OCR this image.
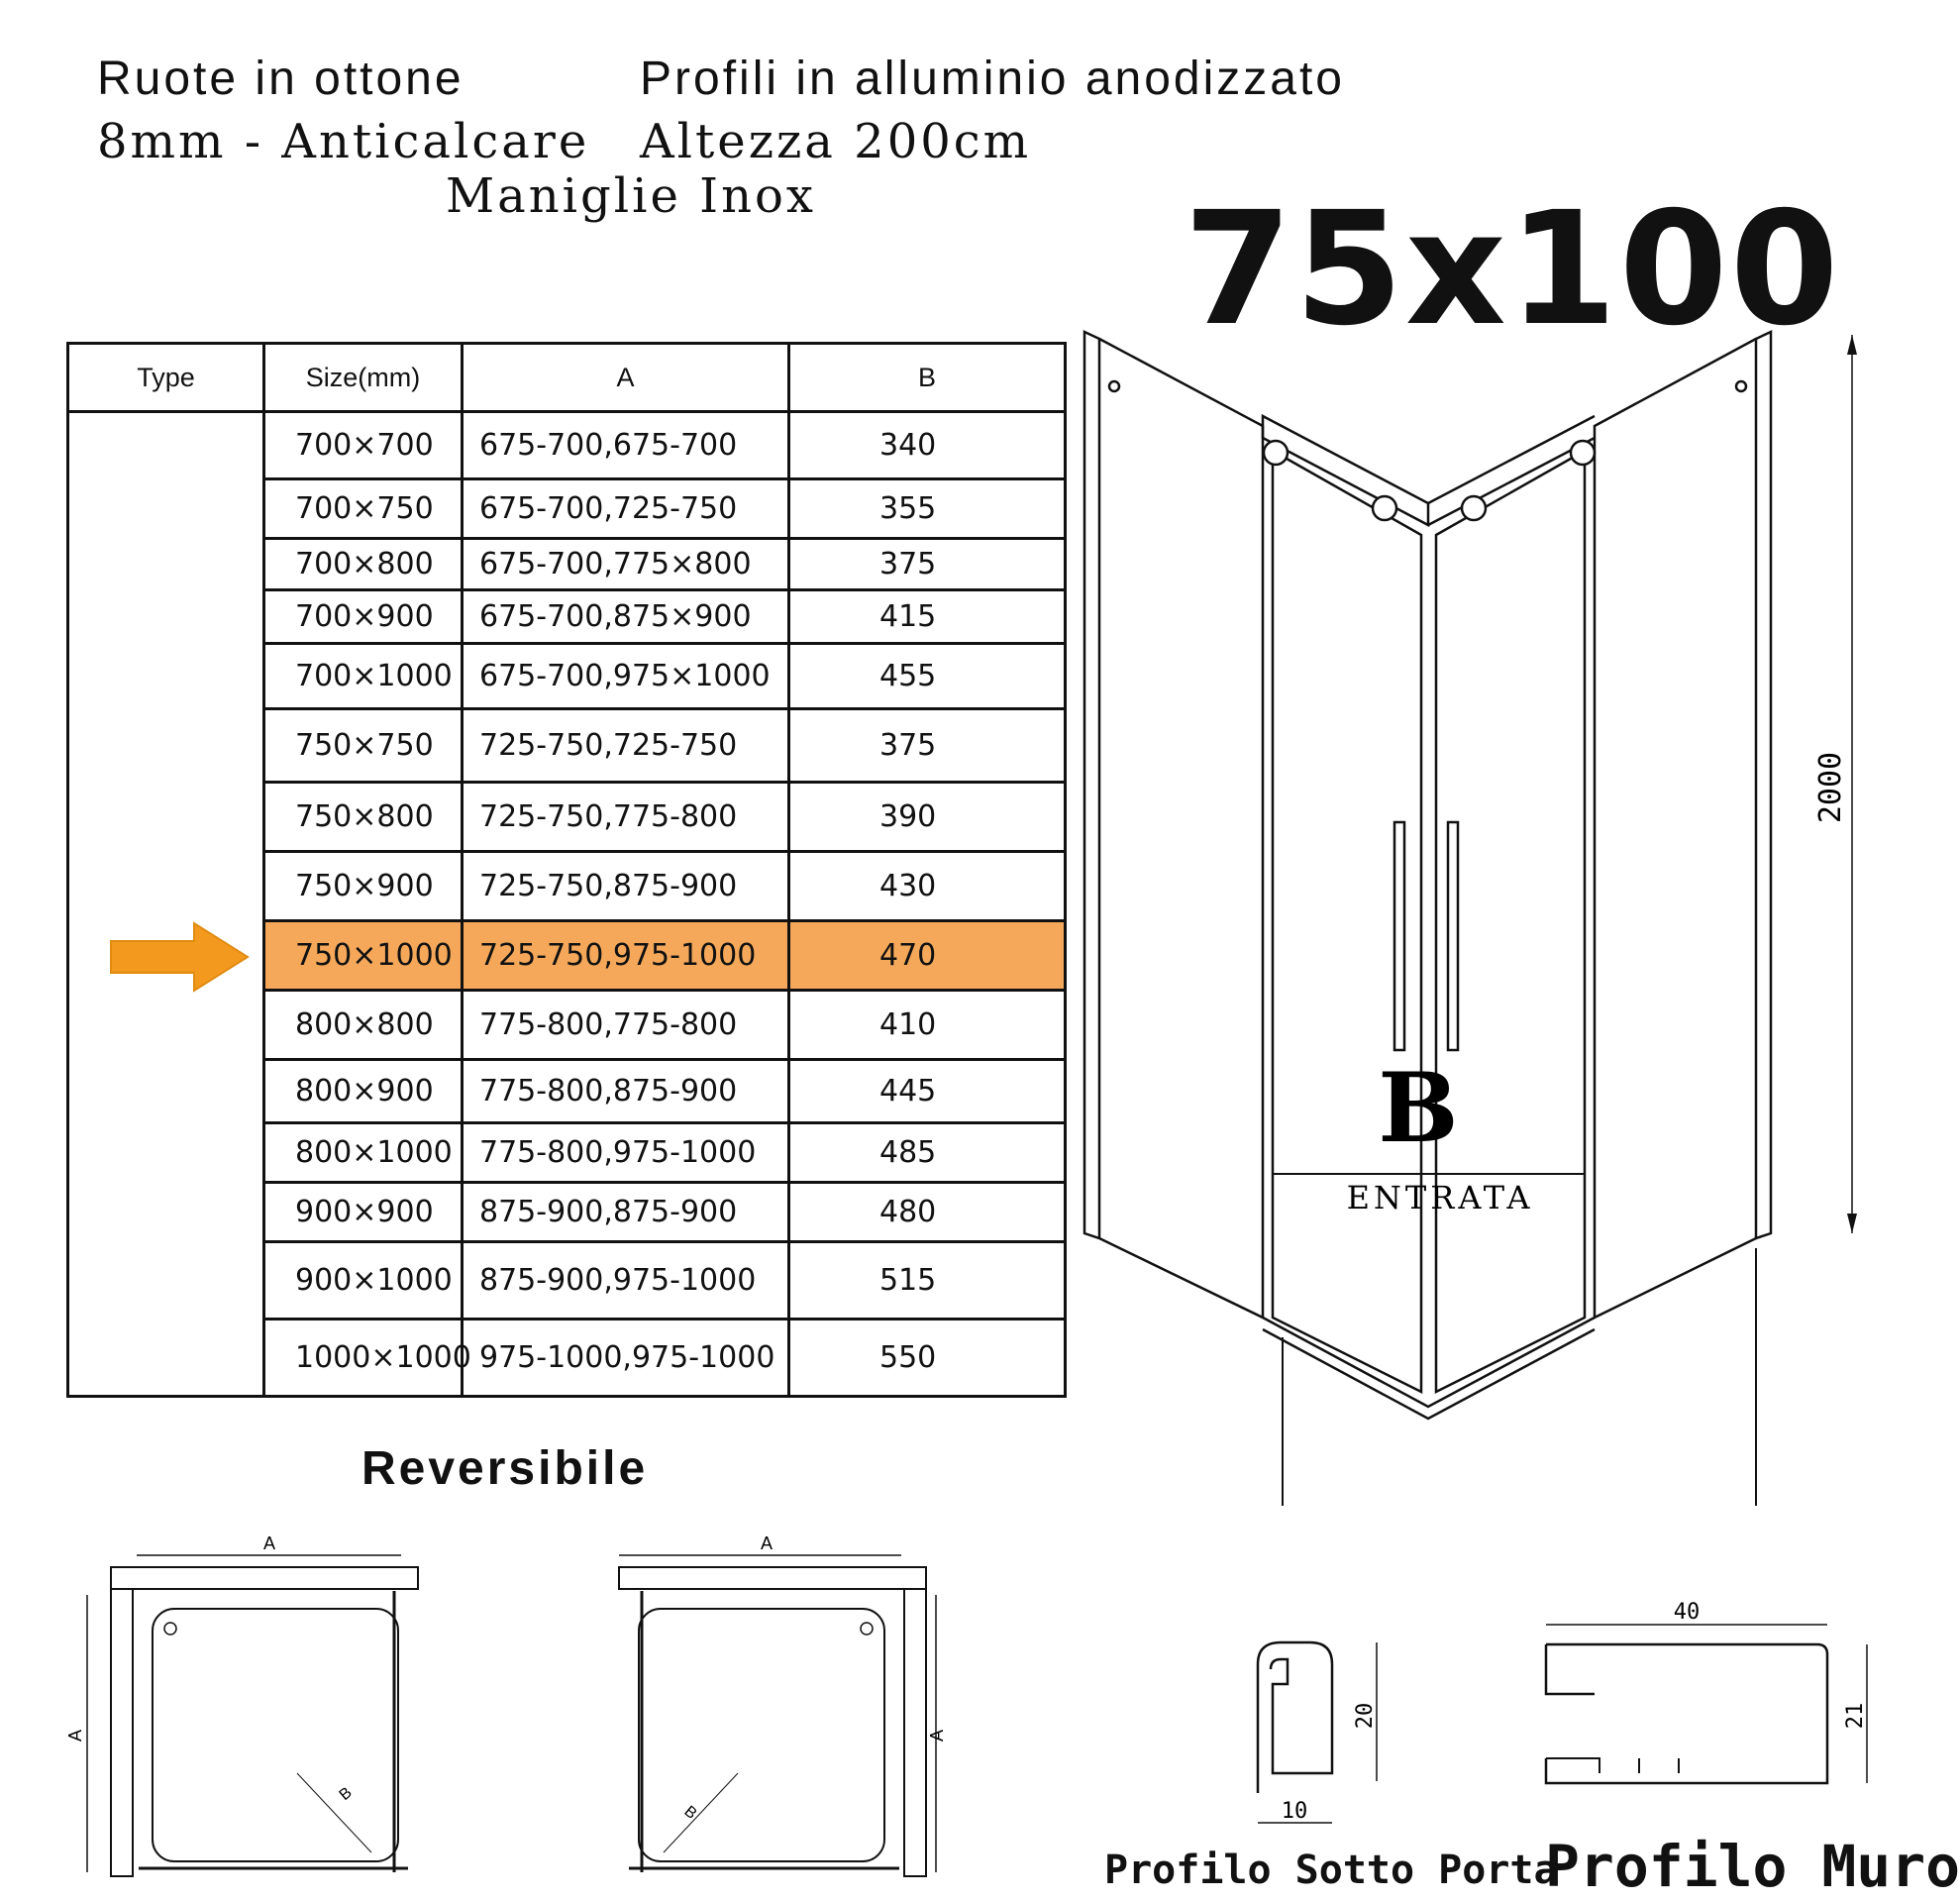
Ruote in ottone
8mm - Anticalcare
Profili in alluminio anodizzato
Altezza 200cm
Maniglie Inox 75x100
Type	Size(mm)	A	B
	700×700	675-700,675-700	340
	700×750	675-700,725-750	355
	700×800	675-700,775×800	375
	700×900	675-700,875×900	415
	700×1000	675-700,975×1000	455
	750×750	725-750,725-750	375
	750×800	725-750,775-800	390
	750×900	725-750,875-900	430
	750×1000	725-750,975-1000	470
	800×800	775-800,775-800	410
	800×900	775-800,875-900	445
	800×1000	775-800,975-1000	485
	900×900	875-900,875-900	480
	900×1000	875-900,975-1000	515
	1000×1000	975-1000,975-1000	550
Reversibile
A
A
B
A
A
B
2000
B
ENTRATA
20
10
Profilo Sotto Porta
40
21
Profilo Muro
